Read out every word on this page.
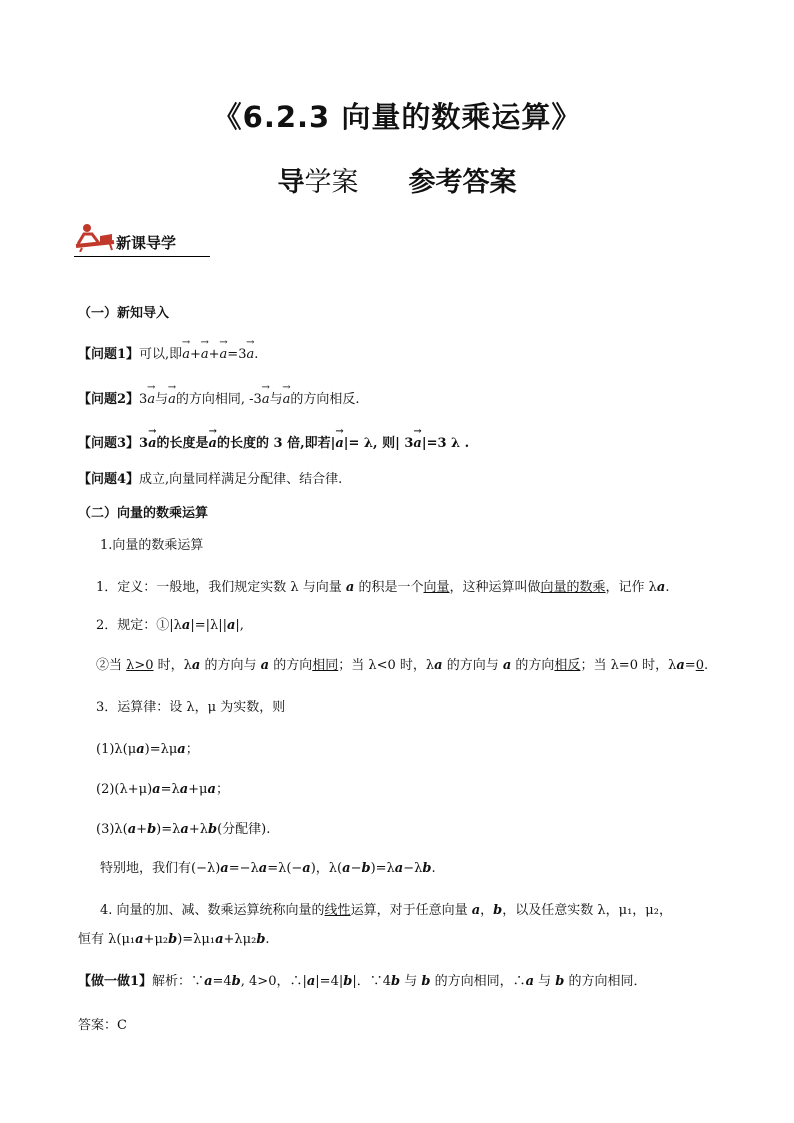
《6.2.3 向量的数乘运算》
导学案 参考答案
新课导学
（一）新知导入
【问题1】可以,即→ a+→ a+→ a=3→ a.
【问题2】3→ a与→ a的方向相同, -3→ a与→ a的方向相反.
【问题3】3→ a的长度是→ a的长度的 3 倍,即若|→ a|= λ, 则| 3→ a|=3 λ .
【问题4】成立,向量同样满足分配律、结合律.
（二）向量的数乘运算
1.向量的数乘运算
1．定义：一般地，我们规定实数 λ 与向量 a 的积是一个向量，这种运算叫做向量的数乘，记作 λa.
2．规定：①|λa|=|λ||a|,
②当 λ>0 时，λa 的方向与 a 的方向相同；当 λ<0 时，λa 的方向与 a 的方向相反；当 λ=0 时，λa=0.
3．运算律：设 λ，μ 为实数，则
(1)λ(μa)=λμa；
(2)(λ+μ)a=λa+μa；
(3)λ(a+b)=λa+λb(分配律).
特别地，我们有(−λ)a=−λa=λ(−a)，λ(a−b)=λa−λb.
4. 向量的加、减、数乘运算统称向量的线性运算，对于任意向量 a，b，以及任意实数 λ，μ₁，μ₂，
恒有 λ(μ₁a+μ₂b)=λμ₁a+λμ₂b.
【做一做1】解析：∵a=4b, 4>0，∴|a|=4|b|．∵4b 与 b 的方向相同，∴a 与 b 的方向相同．
答案：C
